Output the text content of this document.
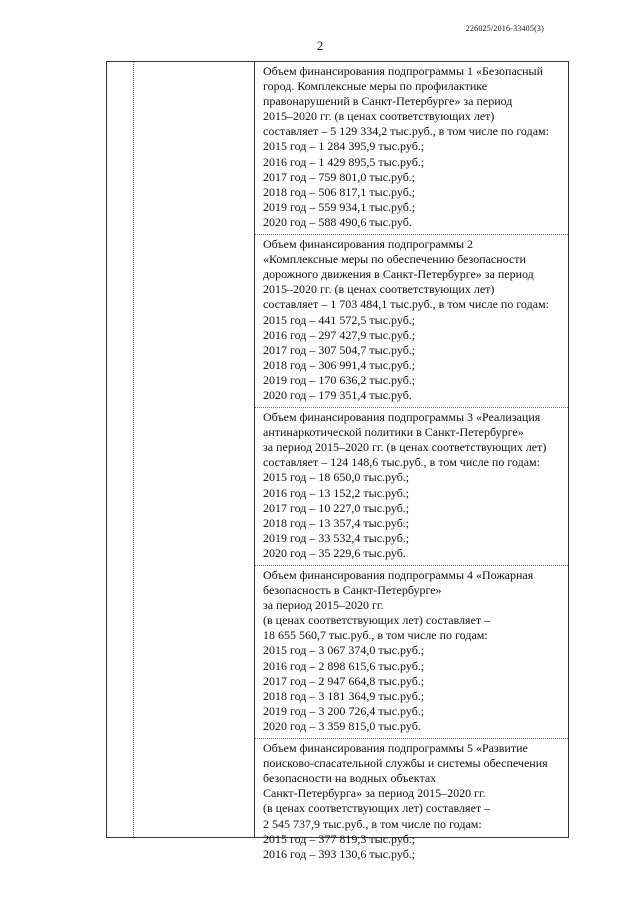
226025/2016-33405(3)
2
Объем финансирования подпрограммы 1 «Безопасный
город. Комплексные меры по профилактике
правонарушений в Санкт-Петербурге» за период
2015–2020 гг. (в ценах соответствующих лет)
составляет – 5 129 334,2 тыс.руб., в том числе по годам:
2015 год – 1 284 395,9 тыс.руб.;
2016 год – 1 429 895,5 тыс.руб.;
2017 год – 759 801,0 тыс.руб.;
2018 год – 506 817,1 тыс.руб.;
2019 год – 559 934,1 тыс.руб.;
2020 год – 588 490,6 тыс.руб.
Объем финансирования подпрограммы 2
«Комплексные меры по обеспечению безопасности
дорожного движения в Санкт-Петербурге» за период
2015–2020 гг. (в ценах соответствующих лет)
составляет – 1 703 484,1 тыс.руб., в том числе по годам:
2015 год – 441 572,5 тыс.руб.;
2016 год – 297 427,9 тыс.руб.;
2017 год – 307 504,7 тыс.руб.;
2018 год – 306 991,4 тыс.руб.;
2019 год – 170 636,2 тыс.руб.;
2020 год – 179 351,4 тыс.руб.
Объем финансирования подпрограммы 3 «Реализация
антинаркотической политики в Санкт-Петербурге»
за период 2015–2020 гг. (в ценах соответствующих лет)
составляет – 124 148,6 тыс.руб., в том числе по годам:
2015 год – 18 650,0 тыс.руб.;
2016 год – 13 152,2 тыс.руб.;
2017 год – 10 227,0 тыс.руб.;
2018 год – 13 357,4 тыс.руб.;
2019 год – 33 532,4 тыс.руб.;
2020 год – 35 229,6 тыс.руб.
Объем финансирования подпрограммы 4 «Пожарная
безопасность в Санкт-Петербурге»
за период 2015–2020 гг.
(в ценах соответствующих лет) составляет –
18 655 560,7 тыс.руб., в том числе по годам:
2015 год – 3 067 374,0 тыс.руб.;
2016 год – 2 898 615,6 тыс.руб.;
2017 год – 2 947 664,8 тыс.руб.;
2018 год – 3 181 364,9 тыс.руб.;
2019 год – 3 200 726,4 тыс.руб.;
2020 год – 3 359 815,0 тыс.руб.
Объем финансирования подпрограммы 5 «Развитие
поисково-спасательной службы и системы обеспечения
безопасности на водных объектах
Санкт-Петербурга» за период 2015–2020 гг.
(в ценах соответствующих лет) составляет –
2 545 737,9 тыс.руб., в том числе по годам:
2015 год – 377 819,3 тыс.руб.;
2016 год – 393 130,6 тыс.руб.;
